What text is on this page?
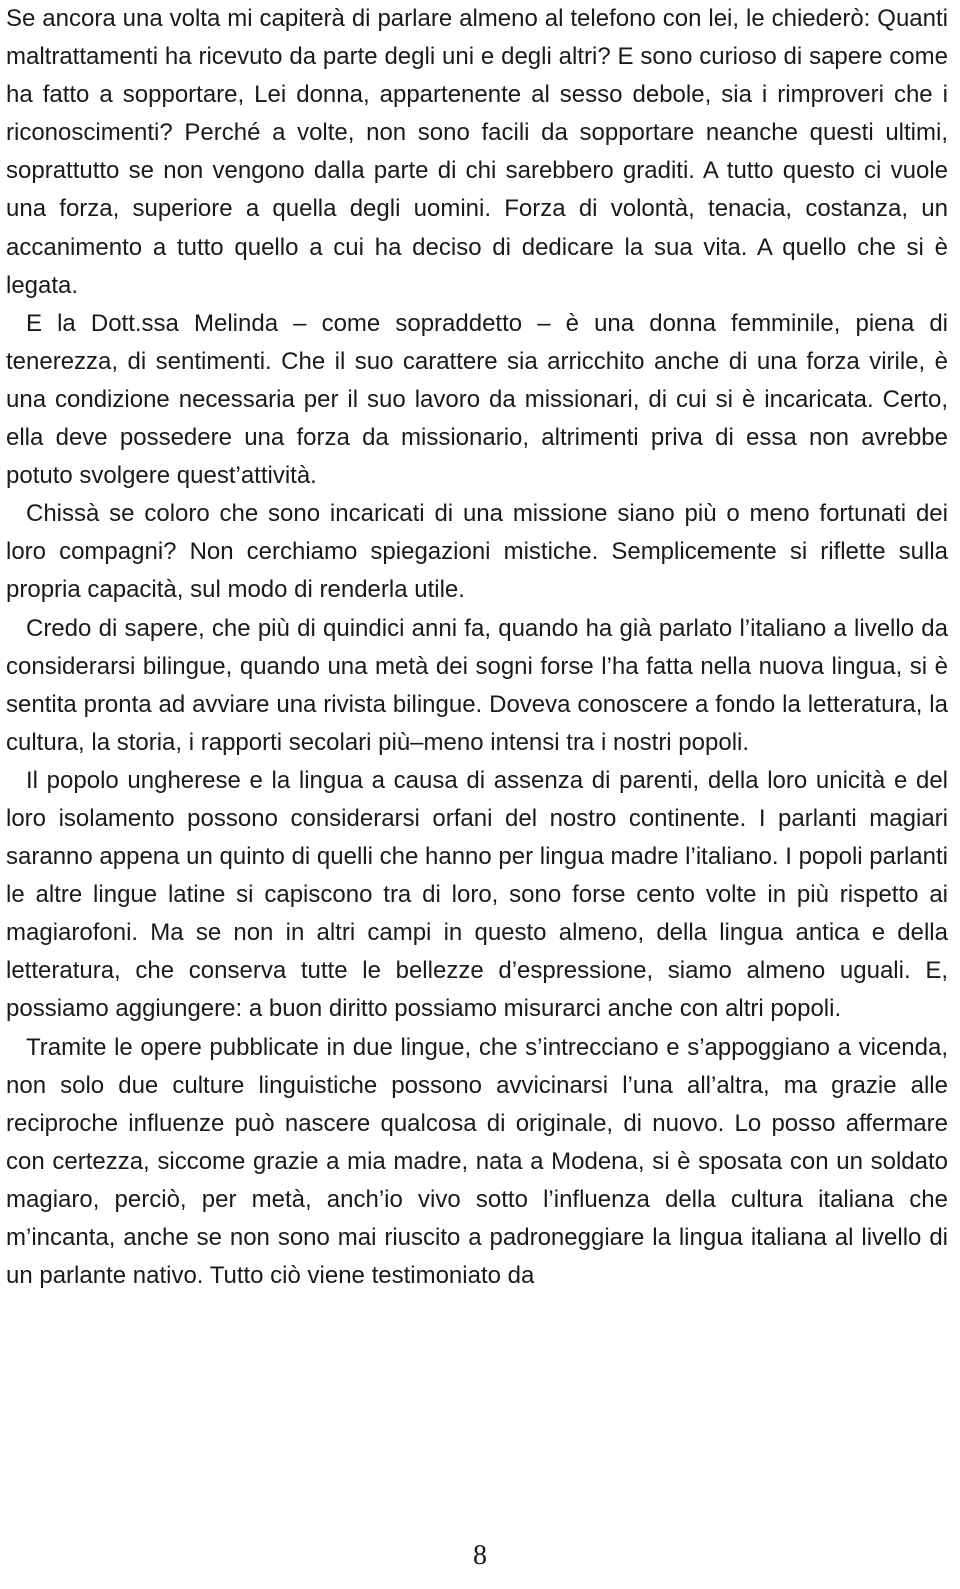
Se ancora una volta mi capiterà di parlare almeno al telefono con lei, le chiederò: Quanti maltrattamenti ha ricevuto da parte degli uni e degli altri? E sono curioso di sapere come ha fatto a sopportare, Lei donna, appartenente al sesso debole, sia i rimproveri che i riconoscimenti? Perché a volte, non sono facili da sopportare neanche questi ultimi, soprattutto se non vengono dalla parte di chi sarebbero graditi. A tutto questo ci vuole una forza, superiore a quella degli uomini. Forza di volontà, tenacia, costanza, un accanimento a tutto quello a cui ha deciso di dedicare la sua vita. A quello che si è legata.

E la Dott.ssa Melinda – come sopraddetto – è una donna femminile, piena di tenerezza, di sentimenti. Che il suo carattere sia arricchito anche di una forza virile, è una condizione necessaria per il suo lavoro da missionari, di cui si è incaricata. Certo, ella deve possedere una forza da missionario, altrimenti priva di essa non avrebbe potuto svolgere quest’attività.

Chissà se coloro che sono incaricati di una missione siano più o meno fortunati dei loro compagni? Non cerchiamo spiegazioni mistiche. Semplicemente si riflette sulla propria capacità, sul modo di renderla utile.

Credo di sapere, che più di quindici anni fa, quando ha già parlato l’italiano a livello da considerarsi bilingue, quando una metà dei sogni forse l’ha fatta nella nuova lingua, si è sentita pronta ad avviare una rivista bilingue. Doveva conoscere a fondo la letteratura, la cultura, la storia, i rapporti secolari più–meno intensi tra i nostri popoli.

Il popolo ungherese e la lingua a causa di assenza di parenti, della loro unicità e del loro isolamento possono considerarsi orfani del nostro continente. I parlanti magiari saranno appena un quinto di quelli che hanno per lingua madre l’italiano. I popoli parlanti le altre lingue latine si capiscono tra di loro, sono forse cento volte in più rispetto ai magiarofoni. Ma se non in altri campi in questo almeno, della lingua antica e della letteratura, che conserva tutte le bellezze d’espressione, siamo almeno uguali. E, possiamo aggiungere: a buon diritto possiamo misurarci anche con altri popoli.

Tramite le opere pubblicate in due lingue, che s’intrecciano e s’appoggiano a vicenda, non solo due culture linguistiche possono avvicinarsi l’una all’altra, ma grazie alle reciproche influenze può nascere qualcosa di originale, di nuovo. Lo posso affermare con certezza, siccome grazie a mia madre, nata a Modena, si è sposata con un soldato magiaro, perciò, per metà, anch’io vivo sotto l’influenza della cultura italiana che m’incanta, anche se non sono mai riuscito a padroneggiare la lingua italiana al livello di un parlante nativo. Tutto ciò viene testimoniato da

8
